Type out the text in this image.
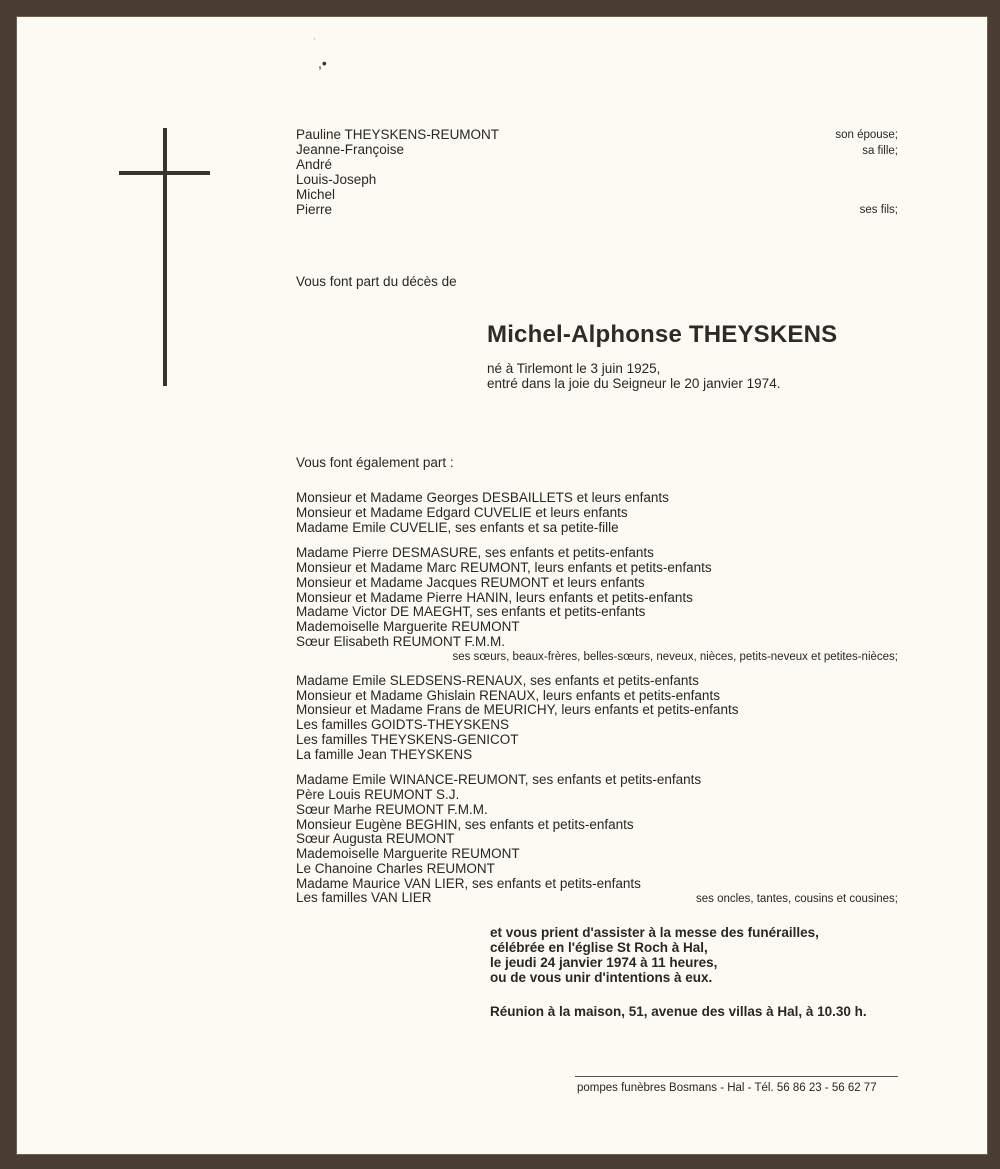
'
,•
Pauline THEYSKENS-REUMONT
Jeanne-Françoise
André
Louis-Joseph
Michel
Pierre
son épouse;
sa fille;
ses fils;
Vous font part du décès de
Michel-Alphonse THEYSKENS
né à Tirlemont le 3 juin 1925,
entré dans la joie du Seigneur le 20 janvier 1974.
Vous font également part :
Monsieur et Madame Georges DESBAILLETS et leurs enfants
Monsieur et Madame Edgard CUVELIE et leurs enfants
Madame Emile CUVELIE, ses enfants et sa petite-fille
Madame Pierre DESMASURE, ses enfants et petits-enfants
Monsieur et Madame Marc REUMONT, leurs enfants et petits-enfants
Monsieur et Madame Jacques REUMONT et leurs enfants
Monsieur et Madame Pierre HANIN, leurs enfants et petits-enfants
Madame Victor DE MAEGHT, ses enfants et petits-enfants
Mademoiselle Marguerite REUMONT
Sœur Elisabeth REUMONT F.M.M.
ses sœurs, beaux-frères, belles-sœurs, neveux, nièces, petits-neveux et petites-nièces;
Madame Emile SLEDSENS-RENAUX, ses enfants et petits-enfants
Monsieur et Madame Ghislain RENAUX, leurs enfants et petits-enfants
Monsieur et Madame Frans de MEURICHY, leurs enfants et petits-enfants
Les familles GOIDTS-THEYSKENS
Les familles THEYSKENS-GENICOT
La famille Jean THEYSKENS
Madame Emile WINANCE-REUMONT, ses enfants et petits-enfants
Père Louis REUMONT S.J.
Sœur Marhe REUMONT F.M.M.
Monsieur Eugène BEGHIN, ses enfants et petits-enfants
Sœur Augusta REUMONT
Mademoiselle Marguerite REUMONT
Le Chanoine Charles REUMONT
Madame Maurice VAN LIER, ses enfants et petits-enfants
Les familles VAN LIER	ses oncles, tantes, cousins et cousines;
et vous prient d'assister à la messe des funérailles,
célébrée en l'église St Roch à Hal,
le jeudi 24 janvier 1974 à 11 heures,
ou de vous unir d'intentions à eux.
Réunion à la maison, 51, avenue des villas à Hal, à 10.30 h.
pompes funèbres Bosmans - Hal - Tél. 56 86 23 - 56 62 77
